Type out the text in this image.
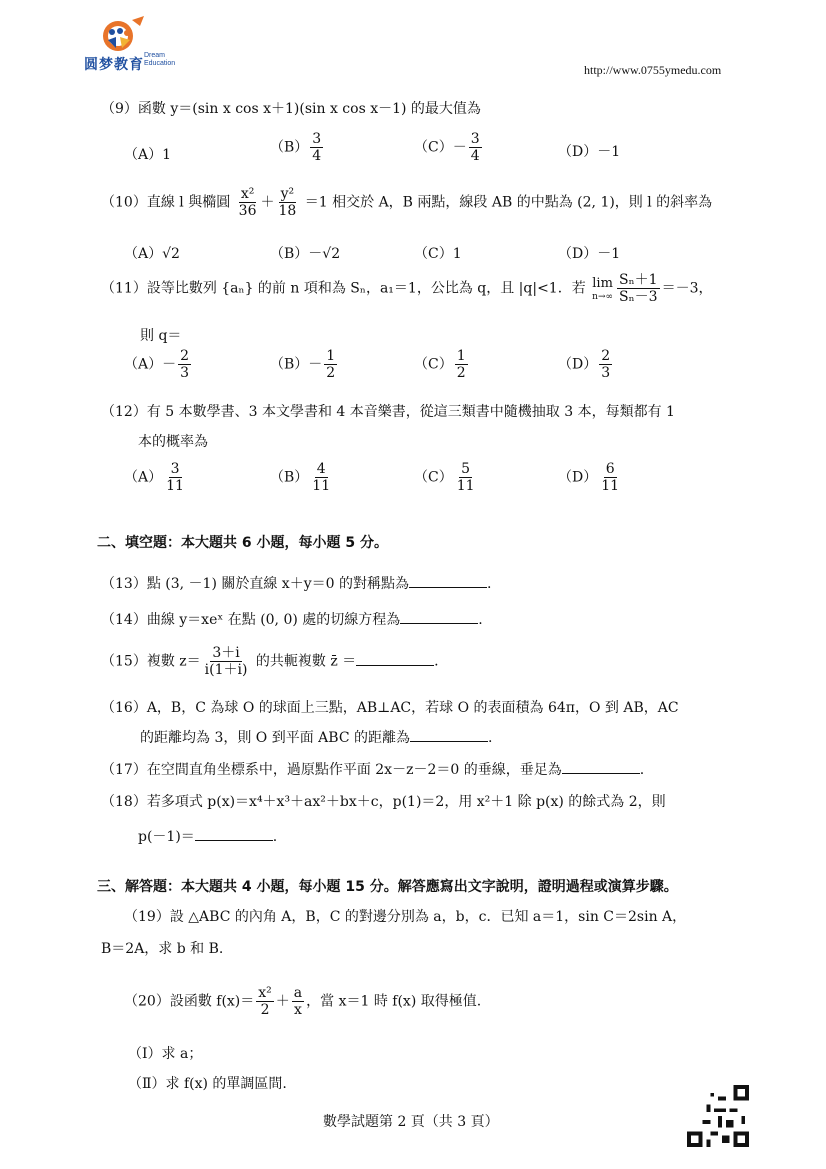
圆梦教育
Dream
Education	http://www.0755ymedu.com
（9）函數 y＝(sin x cos x＋1)(sin x cos x－1) 的最大值為
（A）1	$(B) \frac{3}{4}$	$(C)- \frac{3}{4}$	（D）－1
（10）直線 l 與橢圓 $\frac{\text{x²}}{36} + \frac{\text{y²}}{18} =1$ 相交於 A，B 兩點，線段 AB 的中點為 (2, 1)，則 l 的斜率為
（A）√2	（B）－√2	（C）1	（D）－1
（11）設等比數列 {aₙ} 的前 n 項和為 Sₙ，a₁＝1，公比為 q，且 |q|<1．若 lim
$n\to\infty \frac{\text{Sₙ＋1}}{\text{Sₙ－3}} =-3$，
則 q＝
$(A)- \frac{2}{3}$	$(B)- \frac{1}{2}$	$(C) \frac{1}{2}$	$(D) \frac{2}{3}$
（12）有 5 本數學書、3 本文學書和 4 本音樂書，從這三類書中隨機抽取 3 本，每類都有 1
本的概率為
$(A) \frac{3}{11}$	$(B) \frac{4}{11}$	$(C) \frac{5}{11}$	$(D) \frac{6}{11}$
二、填空題：本大題共 6 小題，每小題 5 分。
（13）點 (3, －1) 關於直線 x＋y＝0 的對稱點為	.
（14）曲線 y＝xeˣ 在點 (0, 0) 處的切線方程為	.
（15）複數 $z= \frac{3+i}{i(1+i)}$ 的共軛複數 z̄ ＝	.
（16）A，B，C 為球 O 的球面上三點，AB⊥AC，若球 O 的表面積為 64π，O 到 AB，AC
的距離均為 3，則 O 到平面 ABC 的距離為	.
（17）在空間直角坐標系中，過原點作平面 2x－z－2＝0 的垂線，垂足為	.
（18）若多項式 p(x)＝x⁴＋x³＋ax²＋bx＋c，p(1)＝2，用 x²＋1 除 p(x) 的餘式為 2，則
p(－1)＝	.
三、解答題：本大題共 4 小題，每小題 15 分。解答應寫出文字說明，證明過程或演算步驟。
（19）設 △ABC 的內角 A，B，C 的對邊分別為 a，b，c．已知 a＝1，sin C＝2sin A，
B＝2A，求 b 和 B.
（20）設函數 $f(x)= \frac{\text{x²}}{2} + \frac{a}{x}$ ，當 x＝1 時 f(x) 取得極值.
（Ⅰ）求 a；
（Ⅱ）求 f(x) 的單調區間.
數學試題第 2 頁（共 3 頁）
